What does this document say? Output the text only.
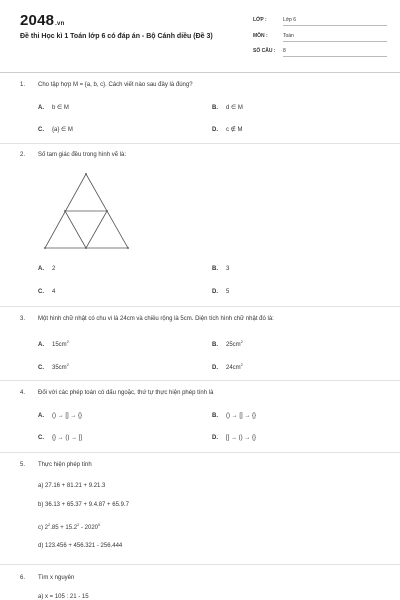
2048.vn
Đề thi Học kì 1 Toán lớp 6 có đáp án - Bộ Cánh diều (Đề 3)
LỚP :	Lớp 6
MÔN :	Toán
SỐ CÂU : 8
1. Cho tập hợp M = {a, b, c}. Cách viết nào sau đây là đúng?
A. b ∈ M	B. d ∈ M
C. {a} ∈ M	D. c ∉ M
2. Số tam giác đều trong hình vẽ là:
A. 2	B. 3
C. 4	D. 5
3. Một hình chữ nhật có chu vi là 24cm và chiều rộng là 5cm. Diện tích hình chữ nhật đó là:
A. $15cm^2$
B. $25cm^2$
C. $35cm^2$
D. $24cm^2$
4. Đối với các phép toán có dấu ngoặc, thứ tự thực hiện phép tính là
A. () → [] → {}	B. () → [] → {}
C. {} → () → []	D. [] → () → {}
5. Thực hiện phép tính
a) 27.16 + 81.21 + 9.21.3
b) 36.13 + 65.37 + 9.4.87 + 65.9.7
c) $2^2.85 + 15.2^2 - 2020^0$
d) 123.456 + 456.321 - 256.444
6. Tìm x nguyên
a) x = 105 : 21 - 15
